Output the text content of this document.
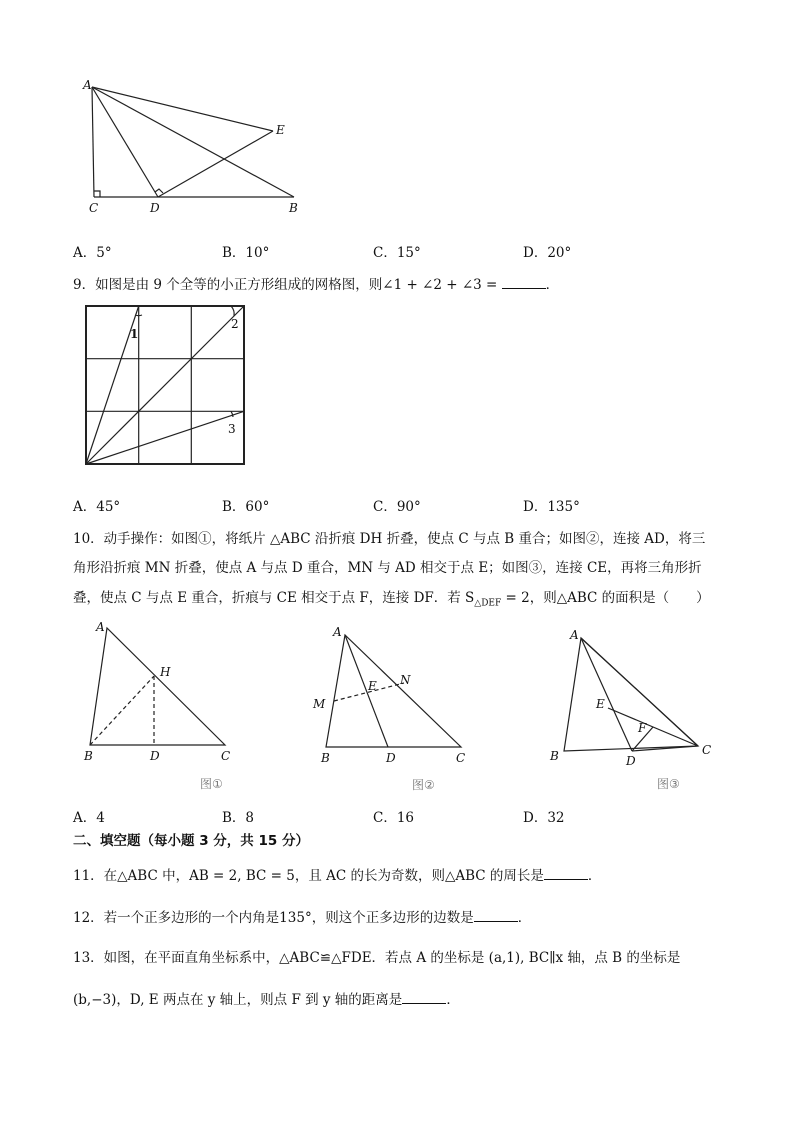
A
C	D	B
E
A．5°	B．10°	C．15°	D．20°
9．如图是由 9 个全等的小正方形组成的网格图，则∠1 + ∠2 + ∠3 =	．
1
2
3
A．45°	B．60°	C．90°	D．135°
10．动手操作：如图①，将纸片 △ABC 沿折痕 DH 折叠，使点 C 与点 B 重合；如图②，连接 AD，将三
角形沿折痕 MN 折叠，使点 A 与点 D 重合，MN 与 AD 相交于点 E；如图③，连接 CE，再将三角形折
叠，使点 C 与点 E 重合，折痕与 CE 相交于点 F，连接 DF．若 $S_{\triangle DEF} = 2$，则△ABC 的面积是（　　）
A
H
B	D	C
图①
A
M
E N
B	D	C
图②
A
E
F
B	D
C
图③
A．4	B．8	C．16	D．32
二、填空题（每小题 3 分，共 15 分）
11．在△ABC 中，AB = 2, BC = 5，且 AC 的长为奇数，则△ABC 的周长是	．
12．若一个正多边形的一个内角是135°，则这个正多边形的边数是	．
13．如图，在平面直角坐标系中，△ABC≌△FDE．若点 A 的坐标是 (a,1), BC∥x 轴，点 B 的坐标是
(b,−3)，D, E 两点在 y 轴上，则点 F 到 y 轴的距离是	．
